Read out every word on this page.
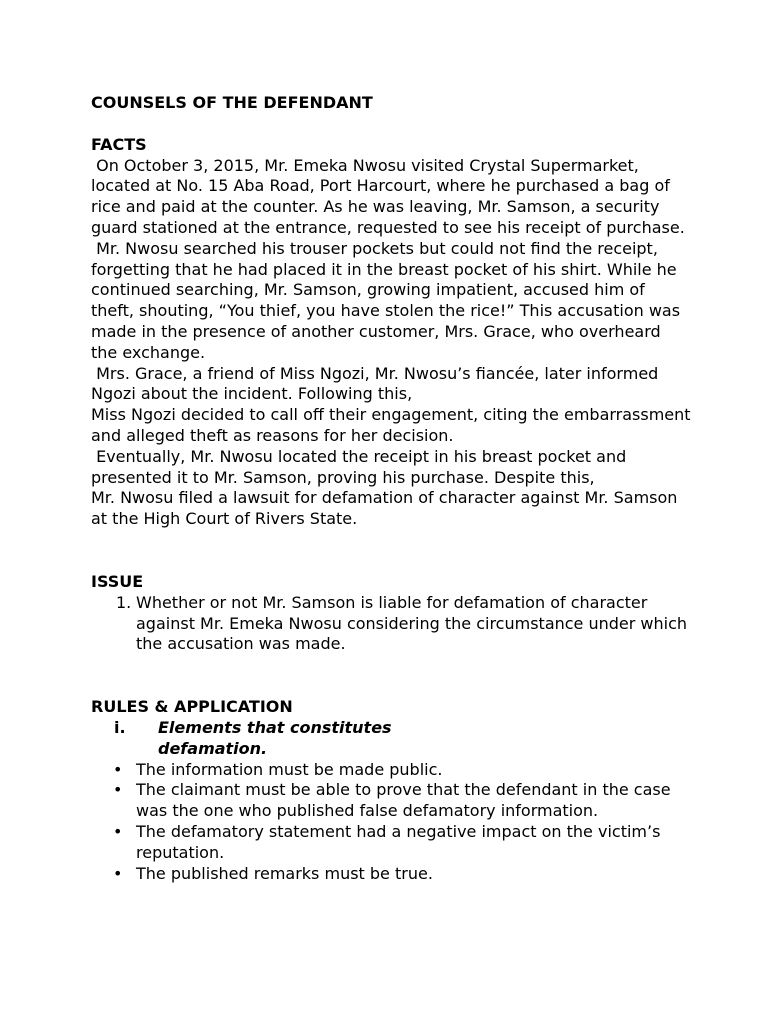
COUNSELS OF THE DEFENDANT

FACTS

On October 3, 2015, Mr. Emeka Nwosu visited Crystal Supermarket, located at No. 15 Aba Road, Port Harcourt, where he purchased a bag of rice and paid at the counter. As he was leaving, Mr. Samson, a security guard stationed at the entrance, requested to see his receipt of purchase.

Mr. Nwosu searched his trouser pockets but could not find the receipt, forgetting that he had placed it in the breast pocket of his shirt. While he continued searching, Mr. Samson, growing impatient, accused him of theft, shouting, “You thief, you have stolen the rice!” This accusation was made in the presence of another customer, Mrs. Grace, who overheard the exchange.

Mrs. Grace, a friend of Miss Ngozi, Mr. Nwosu’s fiancée, later informed Ngozi about the incident. Following this,

Miss Ngozi decided to call off their engagement, citing the embarrassment and alleged theft as reasons for her decision.

Eventually, Mr. Nwosu located the receipt in his breast pocket and presented it to Mr. Samson, proving his purchase. Despite this,

Mr. Nwosu filed a lawsuit for defamation of character against Mr. Samson at the High Court of Rivers State.

ISSUE

1. Whether or not Mr. Samson is liable for defamation of character against Mr. Emeka Nwosu considering the circumstance under which the accusation was made.

RULES & APPLICATION

i.	Elements that constitutes defamation.
• The information must be made public.
• The claimant must be able to prove that the defendant in the case was the one who published false defamatory information.
• The defamatory statement had a negative impact on the victim’s reputation.
• The published remarks must be true.
